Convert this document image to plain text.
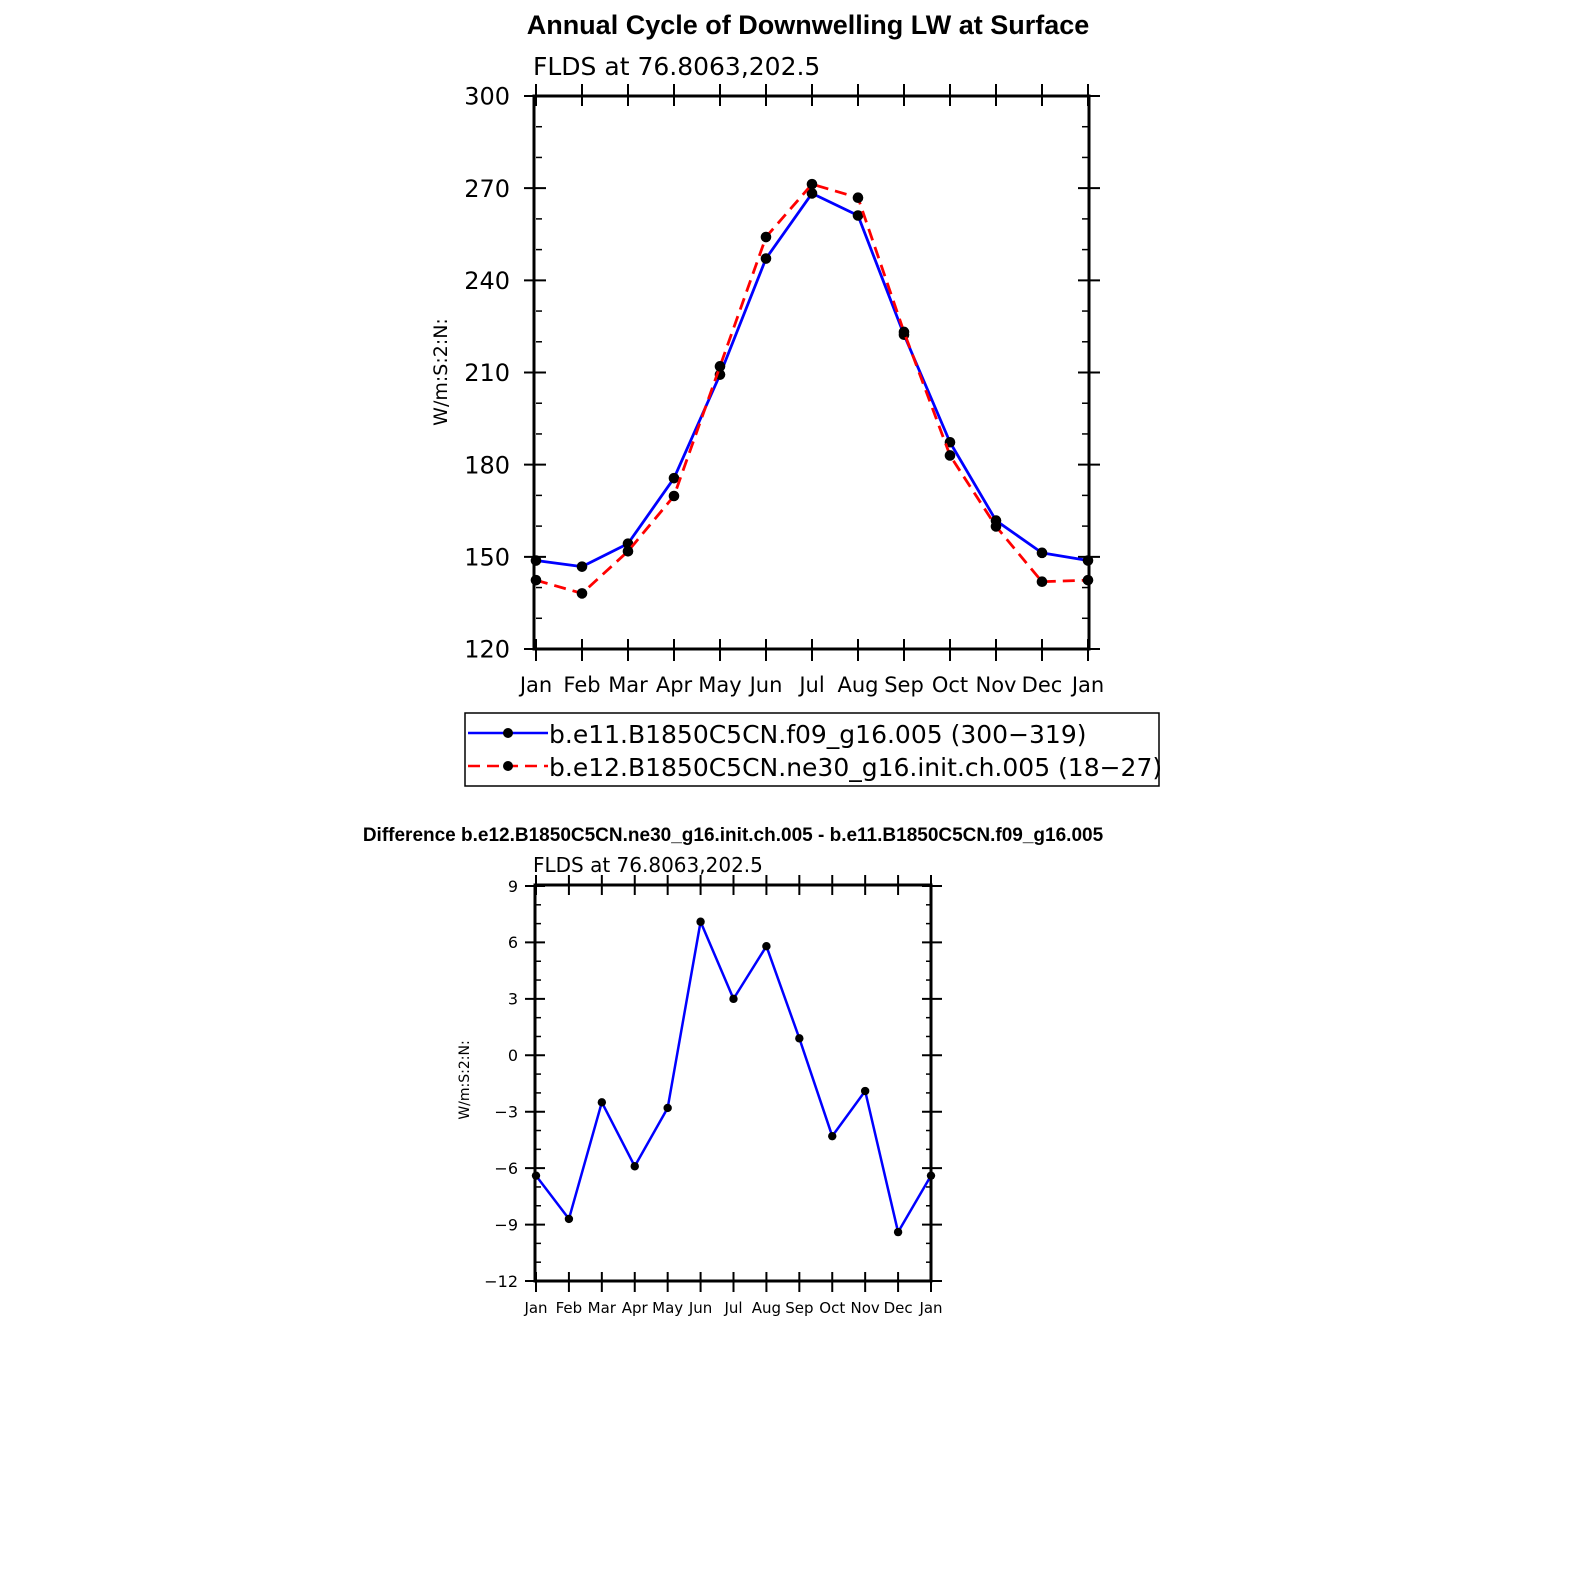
Annual Cycle of Downwelling LW at Surface
FLDS at 76.8063,202.5
W/m:S:2:N:
120
150
180
210
240
270
300
Jan Feb Mar Apr May Jun Jul Aug Sep Oct Nov Dec Jan
b.e11.B1850C5CN.f09_g16.005 (300−319)
b.e12.B1850C5CN.ne30_g16.init.ch.005 (18−27)
Difference b.e12.B1850C5CN.ne30_g16.init.ch.005 - b.e11.B1850C5CN.f09_g16.005
FLDS at 76.8063,202.5
W/m:S:2:N:
−12
−9
−6
−3
0
3
6
9
Jan Feb Mar Apr May Jun Jul Aug Sep Oct Nov Dec Jan
